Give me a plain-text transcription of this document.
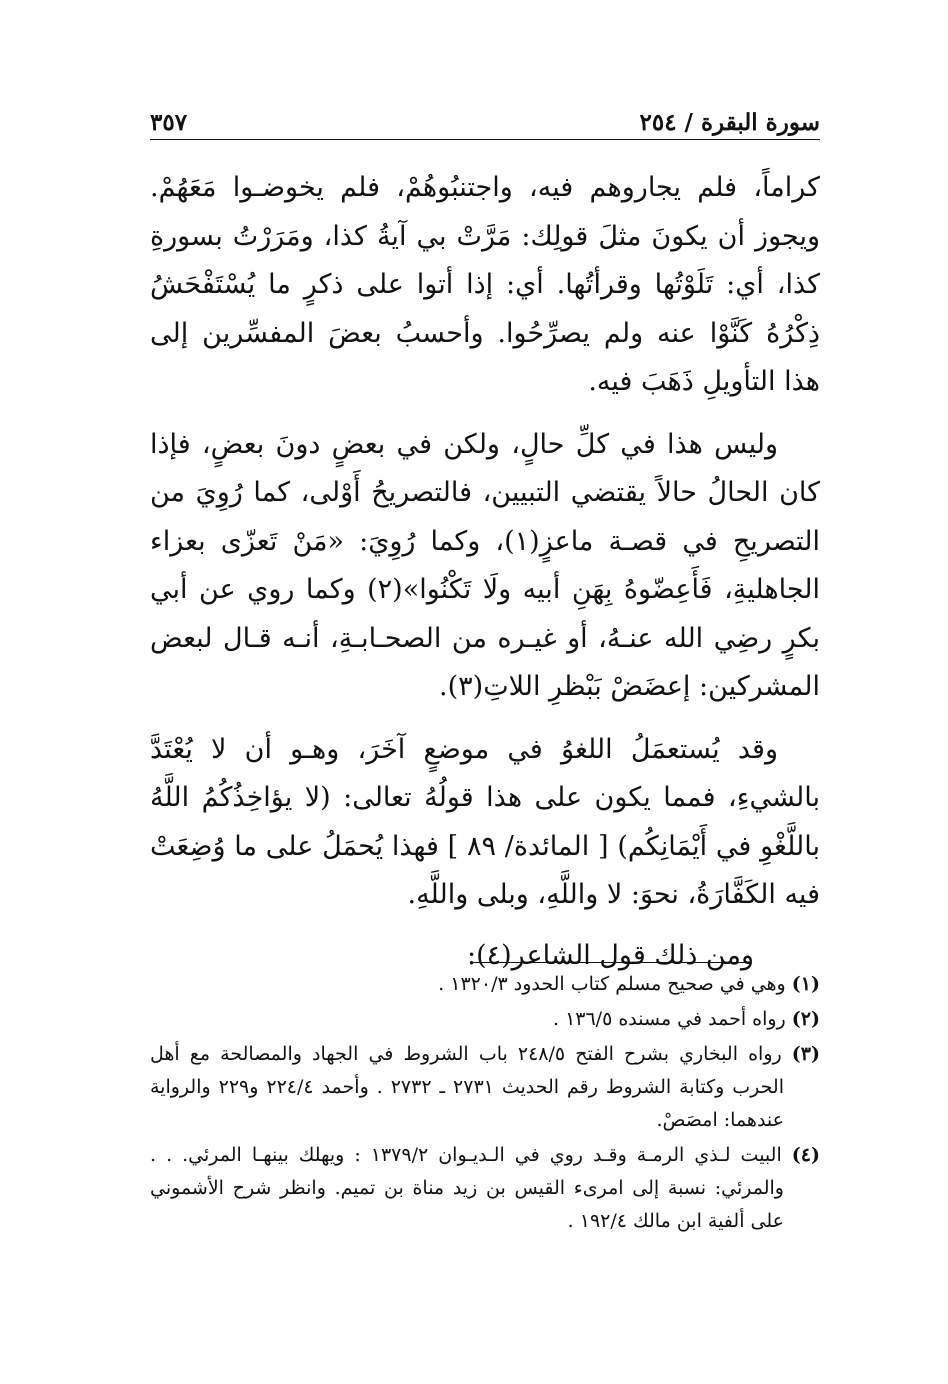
سورة البقرة / ٢٥٤
٣٥٧

كراماً، فلم يجاروهم فيه، واجتنبُوهُمْ، فلم يخوضـوا مَعَهُمْ. ويجوز أن يكونَ مثلَ قولِك: مَرَّتْ بي آيةُ كذا، ومَرَرْتُ بسورةِ كذا، أي: تَلَوْتُها وقرأتُها. أي: إذا أتوا على ذكرٍ ما يُسْتَفْحَشُ ذِكْرُهُ كَنَّوْا عنه ولم يصرِّحُوا. وأحسبُ بعضَ المفسِّرين إلى هذا التأويلِ ذَهَبَ فيه.

وليس هذا في كلِّ حالٍ، ولكن في بعضٍ دونَ بعضٍ، فإذا كان الحالُ حالاً يقتضي التبيين، فالتصريحُ أَوْلى، كما رُوِيَ من التصريحِ في قصـة ماعزٍ(١)، وكما رُوِيَ: «مَنْ تَعزّى بعزاء الجاهليةِ، فَأَعِضّوهُ بِهَنِ أبيه ولَا تَكْنُوا»(٢) وكما روي عن أبي بكرٍ رضِي الله عنـهُ، أو غيـره من الصحـابـةِ، أنـه قـال لبعض المشركين: إعضَضْ بَبْظرِ اللاتِ(٣).

وقد يُستعمَلُ اللغوُ في موضعٍ آخَرَ، وهـو أن لا يُعْتَدَّ بالشيءِ، فمما يكون على هذا قولُهُ تعالى: (لا يؤاخِذُكُمُ اللَّهُ باللَّغْوِ في أَيْمَانِكُم) [ المائدة/ ٨٩ ] فهذا يُحمَلُ على ما وُضِعَتْ فيه الكَفَّارَةُ، نحوَ: لا واللَّهِ، وبلى واللَّهِ.

ومن ذلك قول الشاعر(٤):

(١) وهي في صحيح مسلم كتاب الحدود ١٣٢٠/٣ .

(٢) رواه أحمد في مسنده ١٣٦/٥ .

(٣) رواه البخاري بشرح الفتح ٢٤٨/٥ باب الشروط في الجهاد والمصالحة مع أهل الحرب وكتابة الشروط رقم الحديث ٢٧٣١ ـ ٢٧٣٢ . وأحمد ٢٢٤/٤ و٢٢٩ والرواية عندهما: امصَصْ.

(٤) البيت لـذي الرمـة وقـد روي في الـديـوان ١٣٧٩/٢ : ويهلك بينهـا المرئي. . . والمرئي: نسبة إلى امرىء القيس بن زيد مناة بن تميم. وانظر شرح الأشموني على ألفية ابن مالك ١٩٢/٤ .
